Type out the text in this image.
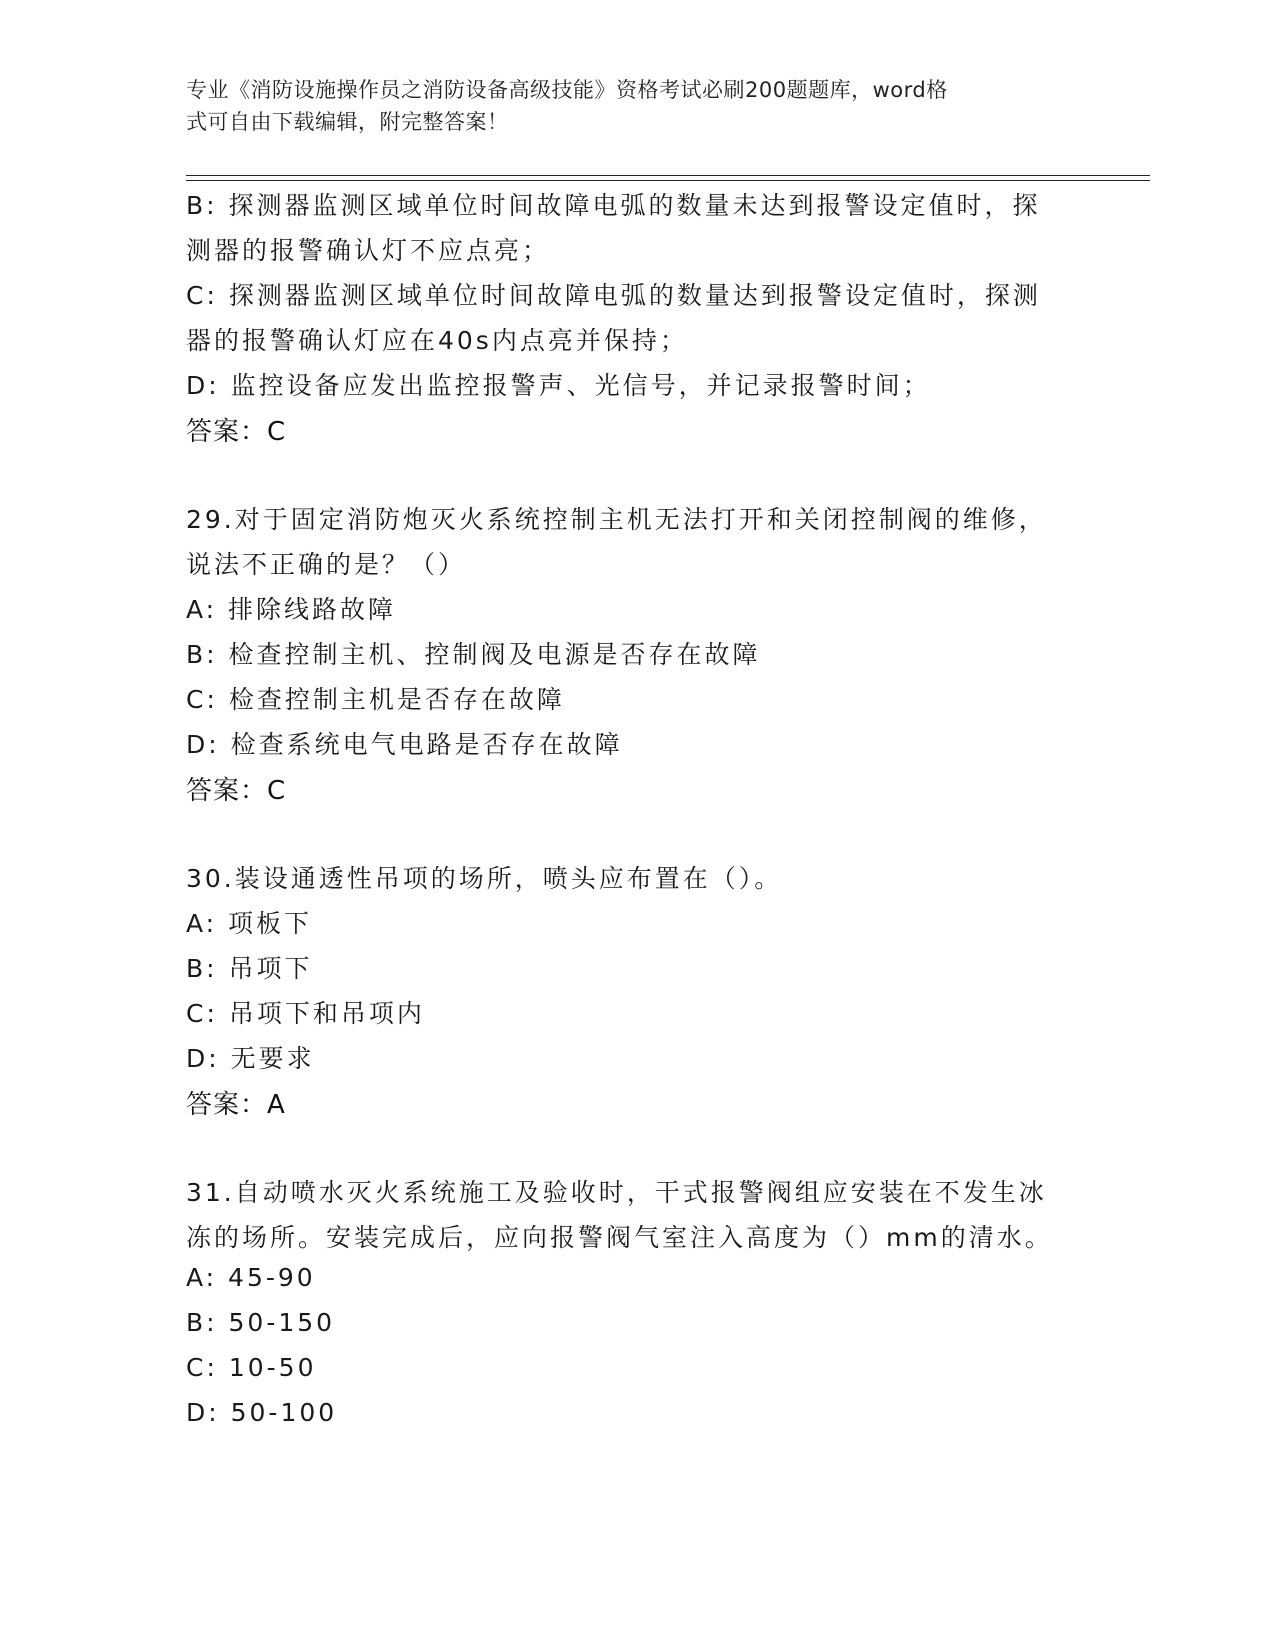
专业《消防设施操作员之消防设备高级技能》资格考试必刷200题题库，word格
式可自由下载编辑，附完整答案！
B: 探测器监测区域单位时间故障电弧的数量未达到报警设定值时，探
测器的报警确认灯不应点亮；
C: 探测器监测区域单位时间故障电弧的数量达到报警设定值时，探测
器的报警确认灯应在40s内点亮并保持；
D: 监控设备应发出监控报警声、光信号，并记录报警时间；
答案：C
29.对于固定消防炮灭火系统控制主机无法打开和关闭控制阀的维修，
说法不正确的是？（）
A: 排除线路故障
B: 检查控制主机、控制阀及电源是否存在故障
C: 检查控制主机是否存在故障
D: 检查系统电气电路是否存在故障
答案：C
30.装设通透性吊项的场所，喷头应布置在（）。
A: 项板下
B: 吊项下
C: 吊项下和吊项内
D: 无要求
答案：A
31.自动喷水灭火系统施工及验收时，干式报警阀组应安装在不发生冰
冻的场所。安装完成后，应向报警阀气室注入高度为（）mm的清水。
A: 45-90
B: 50-150
C: 10-50
D: 50-100
